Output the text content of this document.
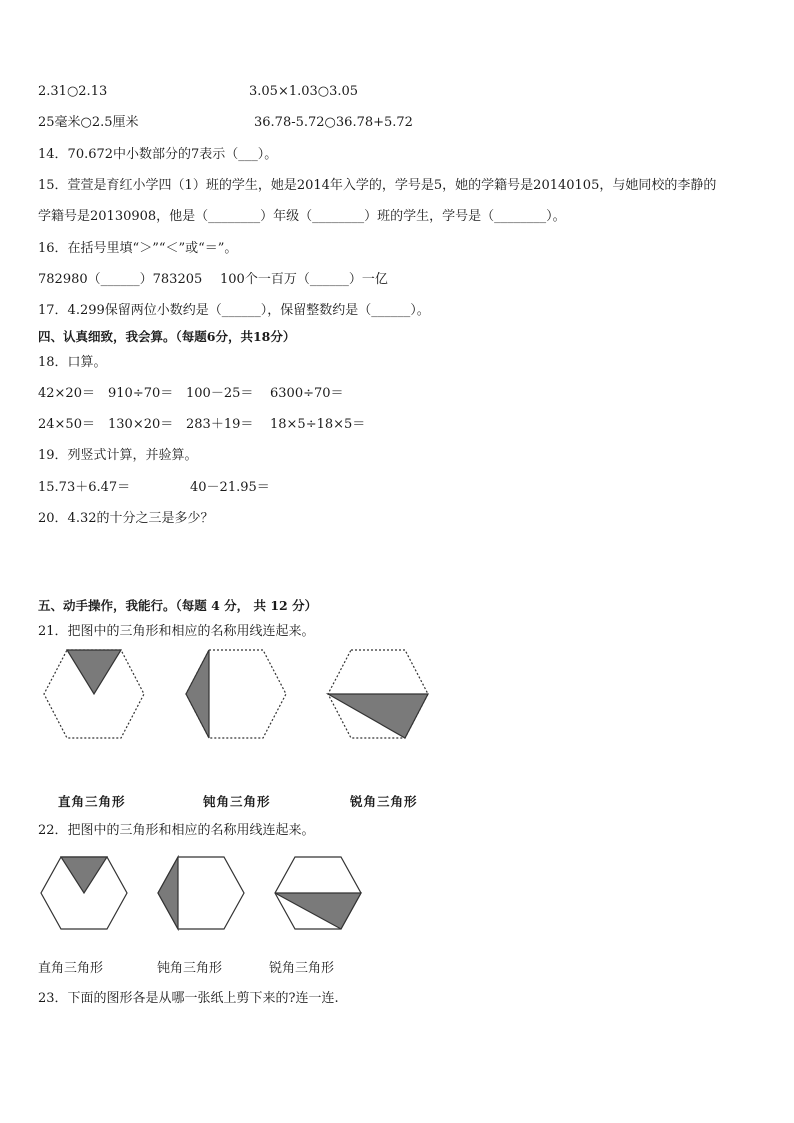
2.31○2.13	3.05×1.03○3.05
25毫米○2.5厘米	36.78-5.72○36.78+5.72
14．70.672中小数部分的7表示（___）。
15．萱萱是育红小学四（1）班的学生，她是2014年入学的，学号是5，她的学籍号是20140105，与她同校的李静的
学籍号是20130908，他是（________）年级（________）班的学生，学号是（________）。
16．在括号里填“＞”“＜”或“＝”。
782980（______）783205 100个一百万（______）一亿
17．4.299保留两位小数约是（______），保留整数约是（______）。
四、认真细致，我会算。（每题6分，共18分）
18．口算。
42×20＝ 910÷70＝ 100－25＝ 6300÷70＝
24×50＝ 130×20＝ 283＋19＝ 18×5÷18×5＝
19．列竖式计算，并验算。
15.73＋6.47＝	40－21.95＝
20．4.32的十分之三是多少？
五、动手操作，我能行。（每题 4 分， 共 12 分）
21．把图中的三角形和相应的名称用线连起来。
直角三角形	钝角三角形	锐角三角形
22．把图中的三角形和相应的名称用线连起来。
直角三角形	钝角三角形	锐角三角形
23．下面的图形各是从哪一张纸上剪下来的?连一连.
